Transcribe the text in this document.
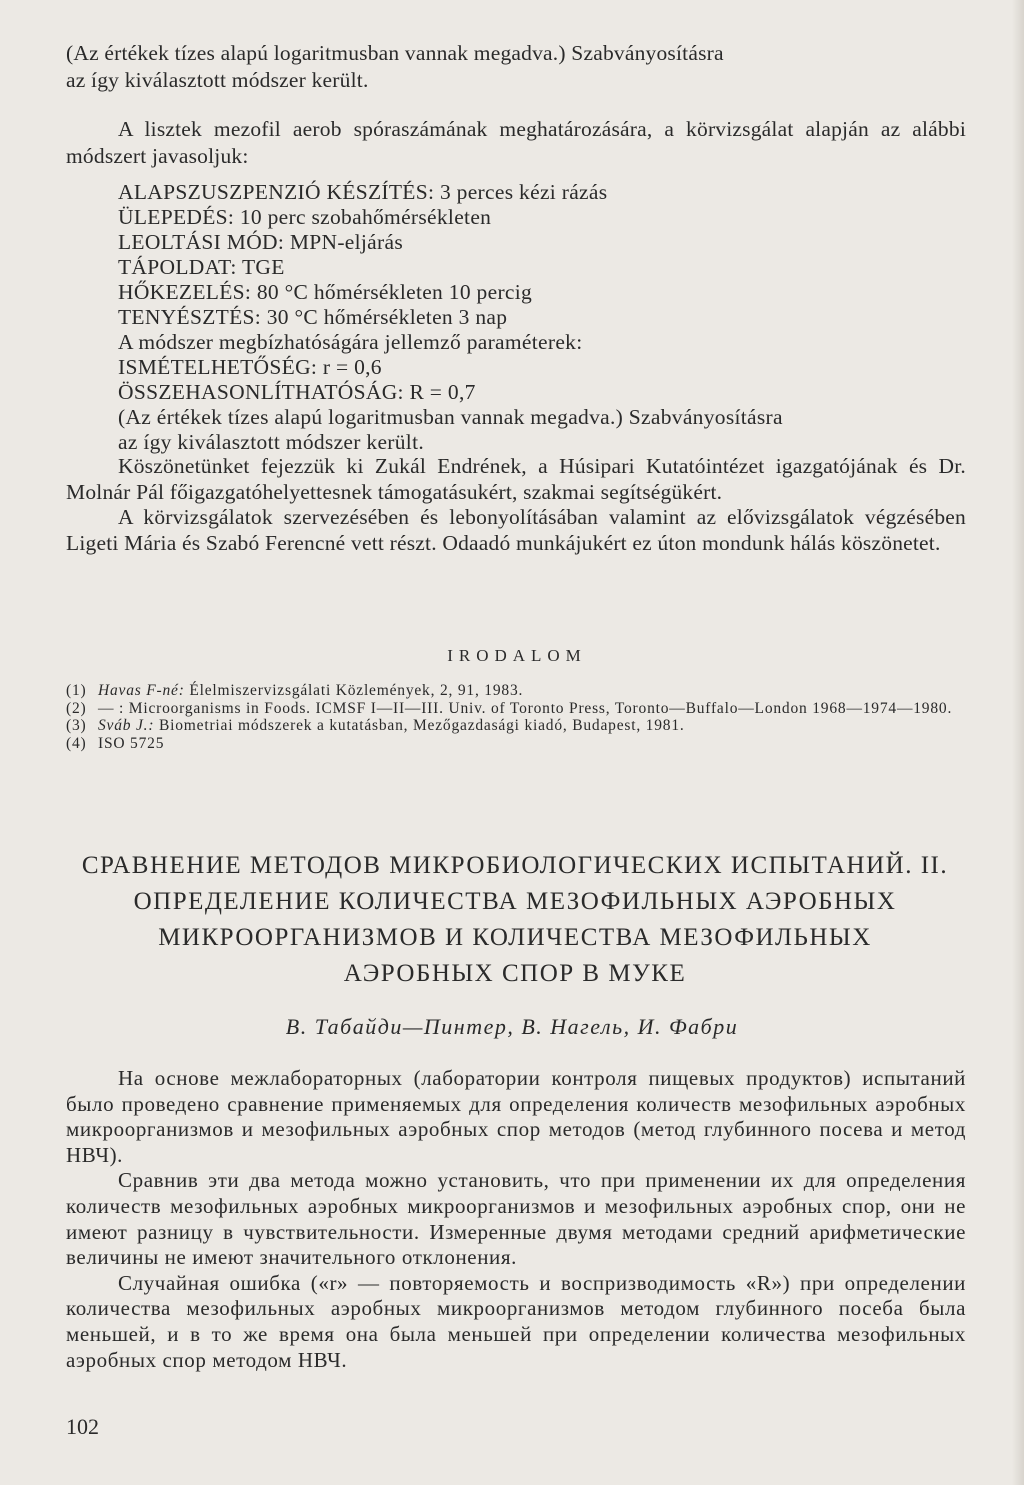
(Az értékek tízes alapú logaritmusban vannak megadva.) Szabványosításra

az így kiválasztott módszer került.

A lisztek mezofil aerob spóraszámának meghatározására, a körvizsgálat alapján az alábbi módszert javasoljuk:

ALAPSZUSZPENZIÓ KÉSZÍTÉS: 3 perces kézi rázás

ÜLEPEDÉS: 10 perc szobahőmérsékleten

LEOLTÁSI MÓD: MPN-eljárás

TÁPOLDAT: TGE

HŐKEZELÉS: 80 °C hőmérsékleten 10 percig

TENYÉSZTÉS: 30 °C hőmérsékleten 3 nap

A módszer megbízhatóságára jellemző paraméterek:

ISMÉTELHETŐSÉG: r = 0,6

ÖSSZEHASONLÍTHATÓSÁG: R = 0,7

(Az értékek tízes alapú logaritmusban vannak megadva.) Szabványosításra

az így kiválasztott módszer került.

Köszönetünket fejezzük ki Zukál Endrének, a Húsipari Kutatóintézet igazgatójának és Dr. Molnár Pál főigazgatóhelyettesnek támogatásukért, szakmai segítségükért.

A körvizsgálatok szervezésében és lebonyolításában valamint az elővizsgálatok végzésében Ligeti Mária és Szabó Ferencné vett részt. Odaadó munkájukért ez úton mondunk hálás köszönetet.

IRODALOM
(1) Havas F-né: Élelmiszervizsgálati Közlemények, 2, 91, 1983.
(2) — : Microorganisms in Foods. ICMSF I—II—III. Univ. of Toronto Press, Toronto—Buffalo—London 1968—1974—1980.
(3) Sváb J.: Biometriai módszerek a kutatásban, Mezőgazdasági kiadó, Budapest, 1981.
(4) ISO 5725

СРАВНЕНИЕ МЕТОДОВ МИКРОБИОЛОГИЧЕСКИХ ИСПЫТАНИЙ. II.

ОПРЕДЕЛЕНИЕ КОЛИЧЕСТВА МЕЗОФИЛЬНЫХ АЭРОБНЫХ

МИКРООРГАНИЗМОВ И КОЛИЧЕСТВА МЕЗОФИЛЬНЫХ

АЭРОБНЫХ СПОР В МУКЕ

В. Табайди—Пинтер, В. Нагель, И. Фабри

На основе межлабораторных (лаборатории контроля пищевых продуктов) испытаний было проведено сравнение применяемых для определения количеств мезофильных аэробных микроорганизмов и мезофильных аэробных спор методов (метод глубинного посева и метод НВЧ).

Сравнив эти два метода можно установить, что при применении их для определения количеств мезофильных аэробных микроорганизмов и мезофильных аэробных спор, они не имеют разницу в чувствительности. Измеренные двумя методами средний арифметические величины не имеют значительного отклонения.

Случайная ошибка («r» — повторяемость и воспризводимость «R») при определении количества мезофильных аэробных микроорганизмов методом глубинного посеба была меньшей, и в то же время она была меньшей при определении количества мезофильных аэробных спор методом НВЧ.

102
